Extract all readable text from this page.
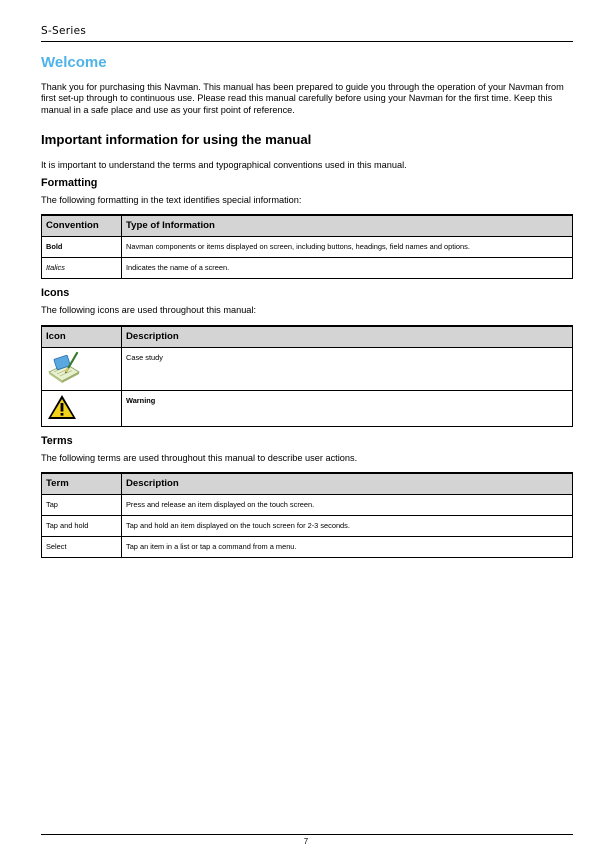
S-Series
Welcome

Thank you for purchasing this Navman. This manual has been prepared to guide you through the operation of your Navman from first set-up through to continuous use. Please read this manual carefully before using your Navman for the first time. Keep this manual in a safe place and use as your first point of reference.

Important information for using the manual

It is important to understand the terms and typographical conventions used in this manual.

Formatting

The following formatting in the text identifies special information:

Convention	Type of Information
Bold	Navman components or items displayed on screen, including buttons, headings, field names and options.
Italics	Indicates the name of a screen.
Icons

The following icons are used throughout this manual:

Icon	Description
	Case study
	Warning
Terms

The following terms are used throughout this manual to describe user actions.

Term	Description
Tap	Press and release an item displayed on the touch screen.
Tap and hold	Tap and hold an item displayed on the touch screen for 2-3 seconds.
Select	Tap an item in a list or tap a command from a menu.
7
